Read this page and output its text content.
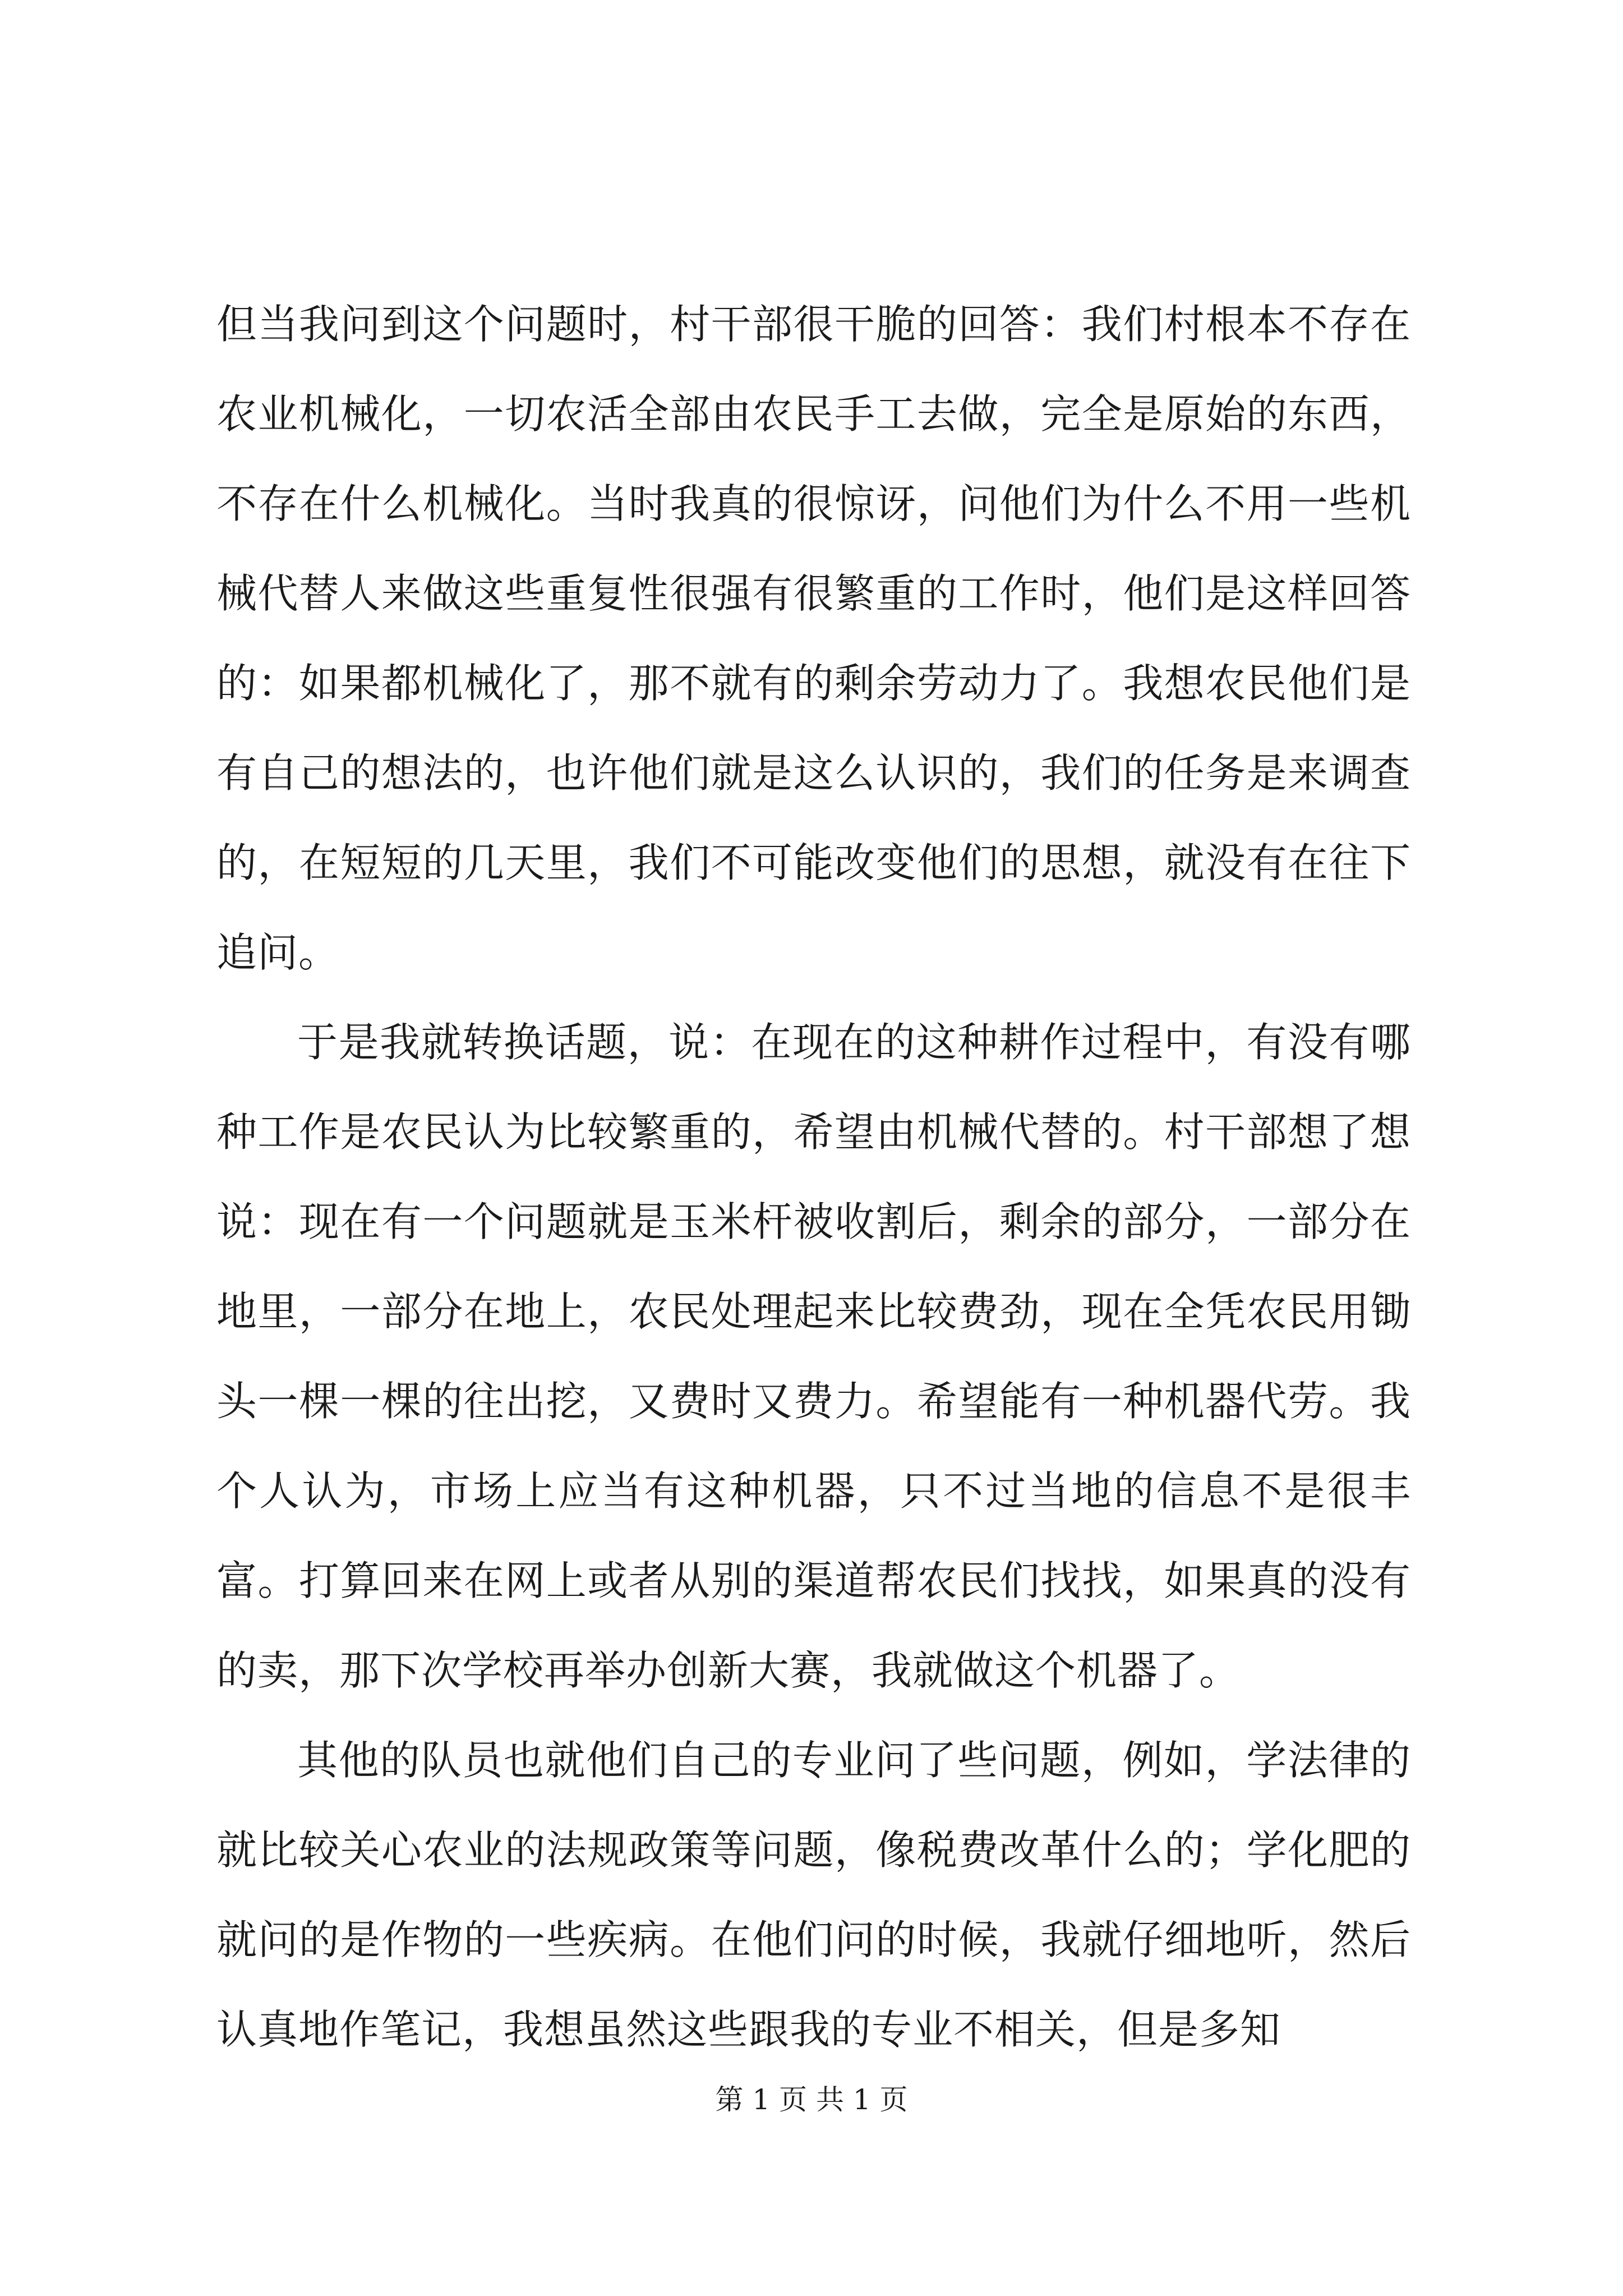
但当我问到这个问题时，村干部很干脆的回答：我们村根本不存在农业机械化，一切农活全部由农民手工去做，完全是原始的东西，不存在什么机械化。当时我真的很惊讶，问他们为什么不用一些机械代替人来做这些重复性很强有很繁重的工作时，他们是这样回答的：如果都机械化了，那不就有的剩余劳动力了。我想农民他们是有自己的想法的，也许他们就是这么认识的，我们的任务是来调查的，在短短的几天里，我们不可能改变他们的思想，就没有在往下追问。

于是我就转换话题，说：在现在的这种耕作过程中，有没有哪种工作是农民认为比较繁重的，希望由机械代替的。村干部想了想说：现在有一个问题就是玉米杆被收割后，剩余的部分，一部分在地里，一部分在地上，农民处理起来比较费劲，现在全凭农民用锄头一棵一棵的往出挖，又费时又费力。希望能有一种机器代劳。我个人认为，市场上应当有这种机器，只不过当地的信息不是很丰富。打算回来在网上或者从别的渠道帮农民们找找，如果真的没有的卖，那下次学校再举办创新大赛，我就做这个机器了。

其他的队员也就他们自己的专业问了些问题，例如，学法律的就比较关心农业的法规政策等问题，像税费改革什么的；学化肥的就问的是作物的一些疾病。在他们问的时候，我就仔细地听，然后认真地作笔记，我想虽然这些跟我的专业不相关，但是多知

第 1 页 共 1 页
